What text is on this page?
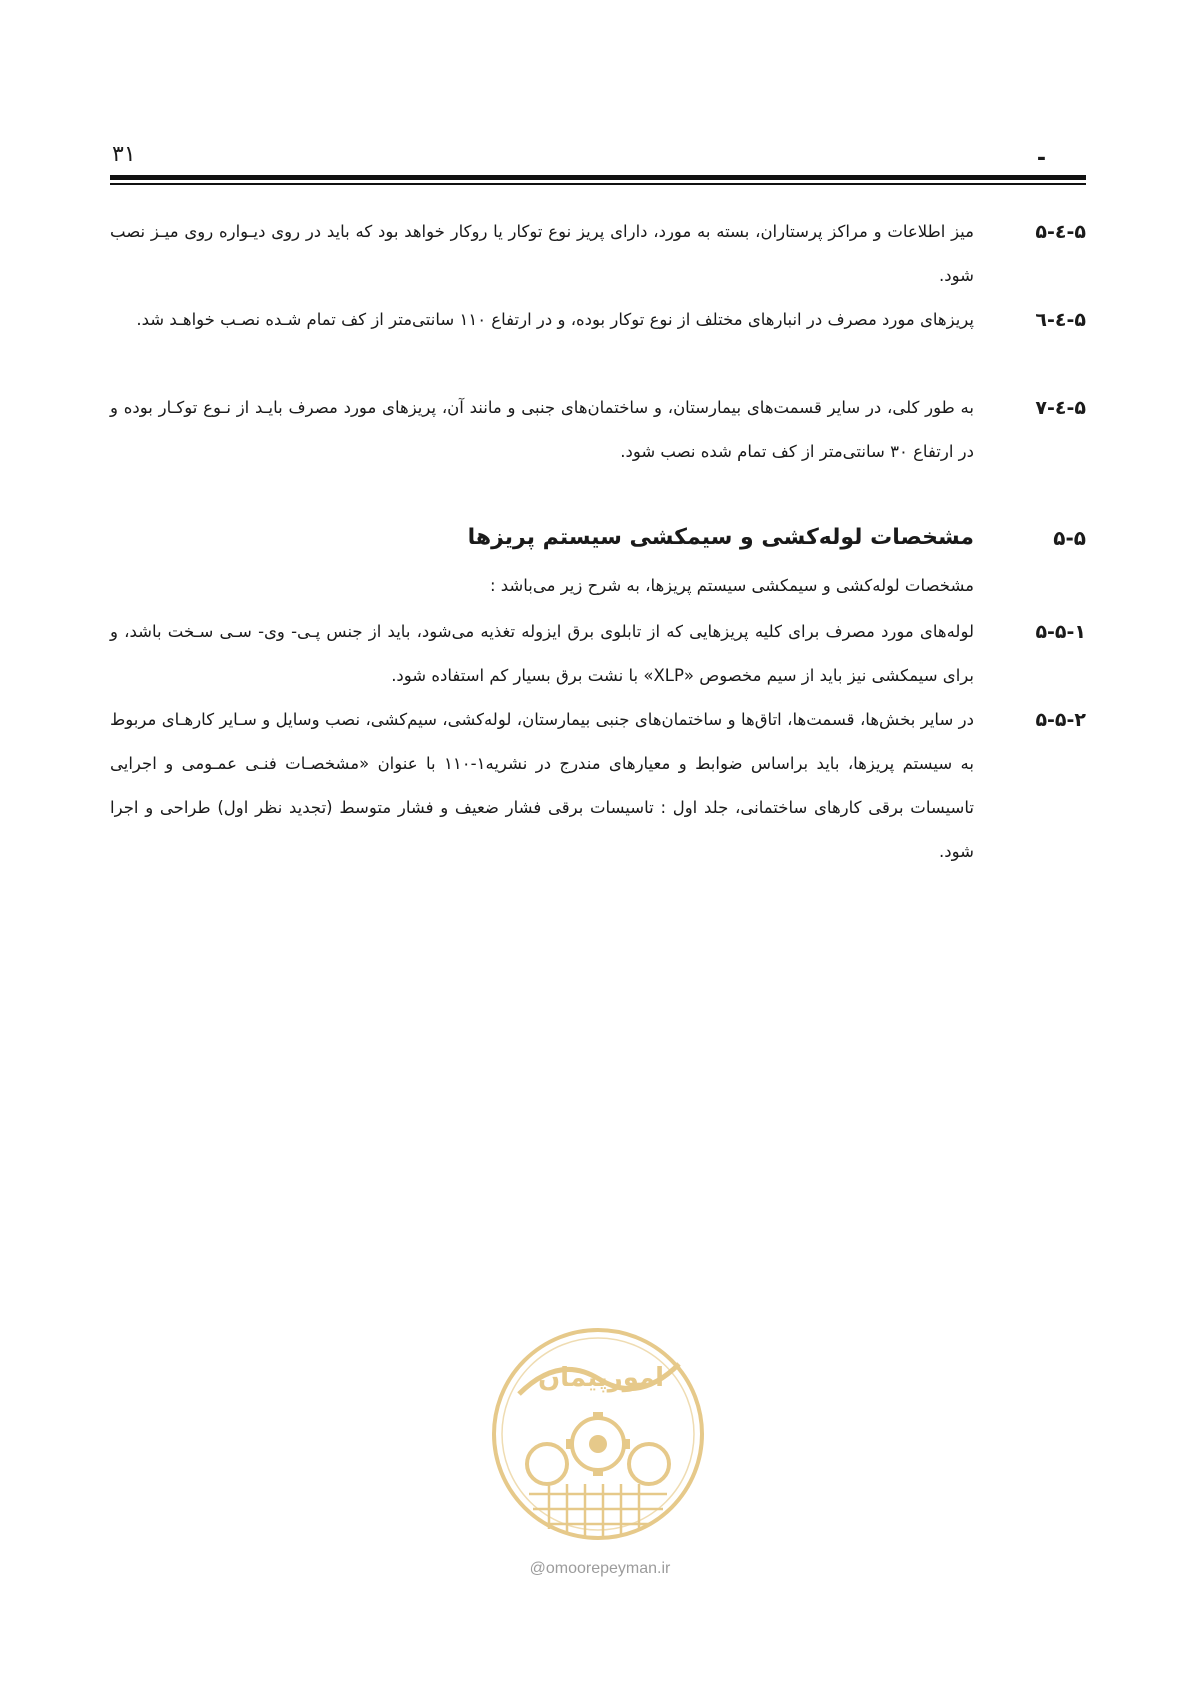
۳۱	-
۵-٤-۵
میز اطلاعات و مراکز پرستاران، بسته به مورد، دارای پریز نوع توکار یا روکار خواهد بود که باید در روی دیـواره روی میـز نصب شود.
۵-٤-٦
پریزهای مورد مصرف در انبارهای مختلف از نوع توکار بوده، و در ارتفاع ۱۱۰ سانتی‌متر از کف تمام شـده نصـب خواهـد شد.
۵-٤-۷
به طور کلی، در سایر قسمت‌های بیمارستان، و ساختمان‌های جنبی و مانند آن، پریزهای مورد مصرف بایـد از نـوع توکـار بوده و در ارتفاع ۳۰ سانتی‌متر از کف تمام شده نصب شود.
۵-۵
مشخصات لوله‌کشی و سیمکشی سیستم پریزها
مشخصات لوله‌کشی و سیمکشی سیستم پریزها، به شرح زیر می‌باشد :
۵-۵-۱
لوله‌های مورد مصرف برای کلیه پریزهایی که از تابلوی برق ایزوله تغذیه می‌شود، باید از جنس پـی- وی- سـی سـخت باشد، و برای سیمکشی نیز باید از سیم مخصوص «XLP» با نشت برق بسیار کم استفاده شود.
۵-۵-۲
در سایر بخش‌ها، قسمت‌ها، اتاق‌ها و ساختمان‌های جنبی بیمارستان، لوله‌کشی، سیم‌کشی، نصب وسایل و سـایر کارهـای مربوط به سیستم پریزها، باید براساس ضوابط و معیارهای مندرج در نشریه۱-۱۱۰ با عنوان «مشخصـات فنـی عمـومی و اجرایی تاسیسات برقی کارهای ساختمانی، جلد اول : تاسیسات برقی فشار ضعیف و فشار متوسط (تجدید نظر اول) طراحی و اجرا شود.
امورپیمان
@omoorepeyman.ir
